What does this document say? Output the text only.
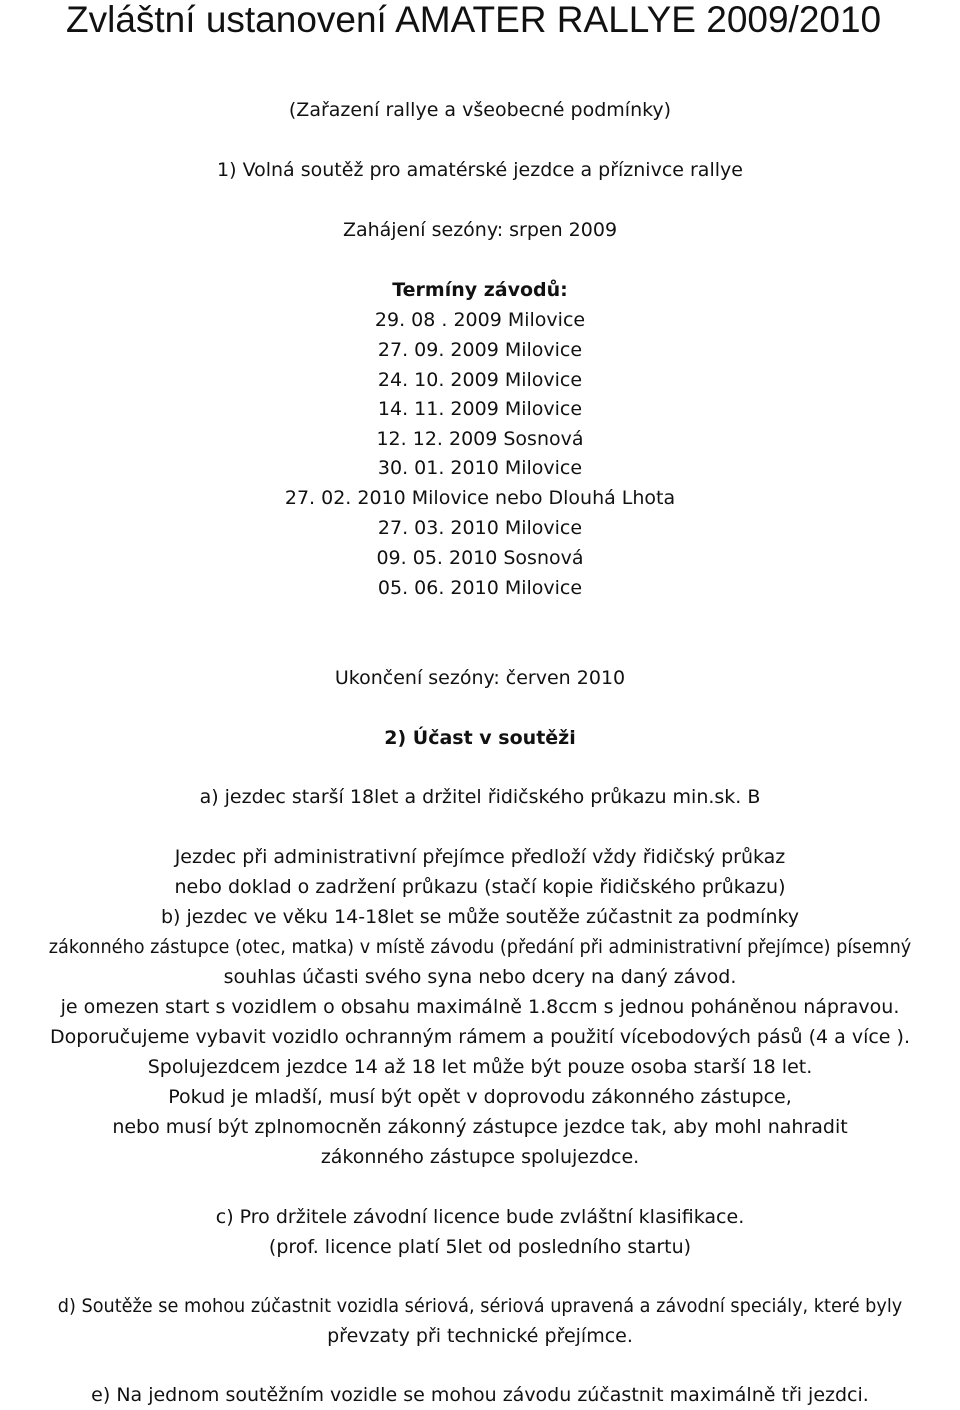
Zvláštní ustanovení AMATER RALLYE 2009/2010

(Zařazení rallye a všeobecné podmínky)

1) Volná soutěž pro amatérské jezdce a příznivce rallye

Zahájení sezóny: srpen 2009

Termíny závodů:

29. 08 . 2009 Milovice

27. 09. 2009 Milovice

24. 10. 2009 Milovice

14. 11. 2009 Milovice

12. 12. 2009 Sosnová

30. 01. 2010 Milovice

27. 02. 2010 Milovice nebo Dlouhá Lhota

27. 03. 2010 Milovice

09. 05. 2010 Sosnová

05. 06. 2010 Milovice

Ukončení sezóny: červen 2010

2) Účast v soutěži

a) jezdec starší 18let a držitel řidičského průkazu min.sk. B

Jezdec při administrativní přejímce předloží vždy řidičský průkaz

nebo doklad o zadržení průkazu (stačí kopie řidičského průkazu)

b) jezdec ve věku 14-18let se může soutěže zúčastnit za podmínky

zákonného zástupce (otec, matka) v místě závodu (předání při administrativní přejímce) písemný

souhlas účasti svého syna nebo dcery na daný závod.

je omezen start s vozidlem o obsahu maximálně 1.8ccm s jednou poháněnou nápravou.

Doporučujeme vybavit vozidlo ochranným rámem a použití vícebodových pásů (4 a více ).

Spolujezdcem jezdce 14 až 18 let může být pouze osoba starší 18 let.

Pokud je mladší, musí být opět v doprovodu zákonného zástupce,

nebo musí být zplnomocněn zákonný zástupce jezdce tak, aby mohl nahradit

zákonného zástupce spolujezdce.

c) Pro držitele závodní licence bude zvláštní klasifikace.

(prof. licence platí 5let od posledního startu)

d) Soutěže se mohou zúčastnit vozidla sériová, sériová upravená a závodní speciály, které byly

převzaty při technické přejímce.

e) Na jednom soutěžním vozidle se mohou závodu zúčastnit maximálně tři jezdci.
